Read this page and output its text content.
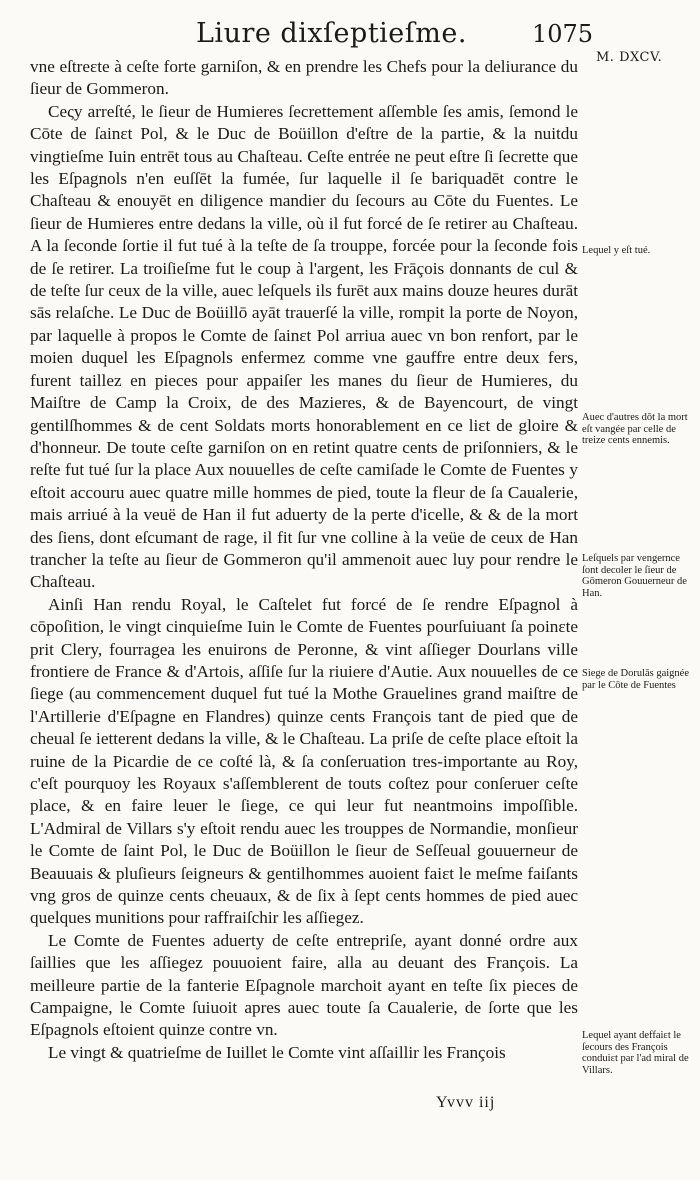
Liure dixſeptieſme.	1075
M. DXCV.

vne eſtreɛte à ceſte forte garniſon, & en prendre les Chefs pour la deliurance du ſieur de Gommeron.

Ceςy arreſté, le ſieur de Humieres ſecrettement aſſemble ſes amis, ſemond le Cōte de ſainɛt Pol, & le Duc de Boüillon d'eſtre de la partie, & la nuitdu vingtieſme Iuin entrēt tous au Chaſteau. Ceſte entrée ne peut eſtre ſi ſecrette que les Eſpagnols n'en euſſēt la fumée, ſur laquelle il ſe bariquadēt contre le Chaſteau & enouyēt en diligence mandier du ſecours au Cōte du Fuentes. Le ſieur de Humieres entre dedans la ville, où il fut forcé de ſe retirer au Chaſteau. A la ſeconde ſortie il fut tué à la teſte de ſa trouppe, forcée pour la ſeconde fois de ſe retirer. La troiſieſme fut le coup à l'argent, les Frāçois donnants de cul & de teſte ſur ceux de la ville, auec leſquels ils furēt aux mains douze heures durāt sās relaſche. Le Duc de Boüillō ayāt trauerſé la ville, rompit la porte de Noyon, par laquelle à propos le Comte de ſainɛt Pol arriua auec vn bon renfort, par le moien duquel les Eſpagnols enfermez comme vne gauffre entre deux fers, furent taillez en pieces pour appaiſer les manes du ſieur de Humieres, du Maiſtre de Camp la Croix, de des Mazieres, & de Bayencourt, de vingt gentilſhommes & de cent Soldats morts honorablement en ce liɛt de gloire & d'honneur. De toute ceſte garniſon on en retint quatre cents de priſonniers, & le reſte fut tué ſur la place Aux nouuelles de ceſte camiſade le Comte de Fuentes y eſtoit accouru auec quatre mille hommes de pied, toute la fleur de ſa Caualerie, mais arriué à la veuë de Han il fut aduerty de la perte d'icelle, & & de la mort des ſiens, dont eſcumant de rage, il fit ſur vne colline à la veüe de ceux de Han trancher la teſte au ſieur de Gommeron qu'il ammenoit auec luy pour rendre le Chaſteau.

Ainſi Han rendu Royal, le Caſtelet fut forcé de ſe rendre Eſpagnol à cōpoſition, le vingt cinquieſme Iuin le Comte de Fuentes pourſuiuant ſa poinɛte prit Clery, fourragea les enuirons de Peronne, & vint aſſieger Dourlans ville frontiere de France & d'Artois, aſſiſe ſur la riuiere d'Autie. Aux nouuelles de ce ſiege (au commencement duquel fut tué la Mothe Grauelines grand maiſtre de l'Artillerie d'Eſpagne en Flandres) quinze cents François tant de pied que de cheual ſe ietterent dedans la ville, & le Chaſteau. La priſe de ceſte place eſtoit la ruine de la Picardie de ce coſté là, & ſa conſeruation tres-importante au Roy, c'eſt pourquoy les Royaux s'aſſemblerent de touts coſtez pour conſeruer ceſte place, & en faire leuer le ſiege, ce qui leur fut neantmoins impoſſible. L'Admiral de Villars s'y eſtoit rendu auec les trouppes de Normandie, monſieur le Comte de ſaint Pol, le Duc de Boüillon le ſieur de Seſſeual gouuerneur de Beauuais & pluſieurs ſeigneurs & gentilhommes auoient faiɛt le meſme faiſants vng gros de quinze cents cheuaux, & de ſix à ſept cents hommes de pied auec quelques munitions pour raffraiſchir les aſſiegez.

Le Comte de Fuentes aduerty de ceſte entrepriſe, ayant donné ordre aux ſaillies que les aſſiegez pouuoient faire, alla au deuant des François. La meilleure partie de la fanterie Eſpagnole marchoit ayant en teſte ſix pieces de Campaigne, le Comte ſuiuoit apres auec toute ſa Caualerie, de ſorte que les Eſpagnols eſtoient quinze contre vn.

Le vingt & quatrieſme de Iuillet le Comte vint aſſaillir les François

Lequel y eſt tué.
Auec d'autres dōt la mort eſt vangée par celle de treize cents ennemis.
Leſquels par vengernce ſont decoler le ſieur de Gōmeron Gouuerneur de Han.
Siege de Dorulās gaignée par le Cōte de Fuentes
Lequel ayant deffaiɛt le ſecours des François conduiɛt par l'ad miral de Villars.
Yvvv iij
